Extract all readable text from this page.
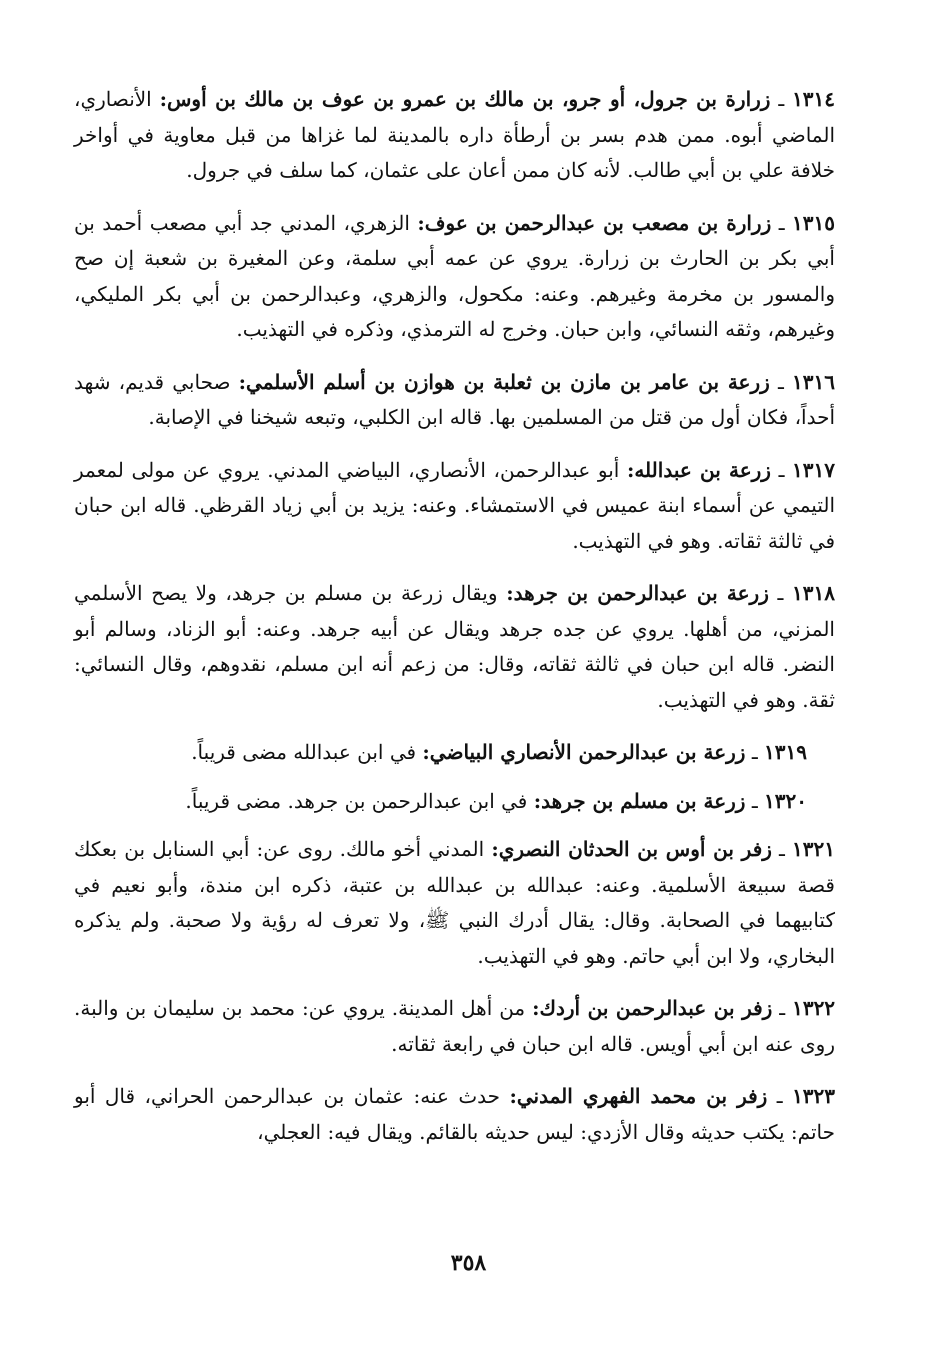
١٣١٤ ـ زرارة بن جرول، أو جرو، بن مالك بن عمرو بن عوف بن مالك بن أوس: الأنصاري، الماضي أبوه. ممن هدم بسر بن أرطأة داره بالمدينة لما غزاها من قبل معاوية في أواخر خلافة علي بن أبي طالب. لأنه كان ممن أعان على عثمان، كما سلف في جرول.

١٣١٥ ـ زرارة بن مصعب بن عبدالرحمن بن عوف: الزهري، المدني جد أبي مصعب أحمد بن أبي بكر بن الحارث بن زرارة. يروي عن عمه أبي سلمة، وعن المغيرة بن شعبة إن صح والمسور بن مخرمة وغيرهم. وعنه: مكحول، والزهري، وعبدالرحمن بن أبي بكر المليكي، وغيرهم، وثقه النسائي، وابن حبان. وخرج له الترمذي، وذكره في التهذيب.

١٣١٦ ـ زرعة بن عامر بن مازن بن ثعلبة بن هوازن بن أسلم الأسلمي: صحابي قديم، شهد أحداً، فكان أول من قتل من المسلمين بها. قاله ابن الكلبي، وتبعه شيخنا في الإصابة.

١٣١٧ ـ زرعة بن عبدالله: أبو عبدالرحمن، الأنصاري، البياضي المدني. يروي عن مولى لمعمر التيمي عن أسماء ابنة عميس في الاستمشاء. وعنه: يزيد بن أبي زياد القرظي. قاله ابن حبان في ثالثة ثقاته. وهو في التهذيب.

١٣١٨ ـ زرعة بن عبدالرحمن بن جرهد: ويقال زرعة بن مسلم بن جرهد، ولا يصح الأسلمي المزني، من أهلها. يروي عن جده جرهد ويقال عن أبيه جرهد. وعنه: أبو الزناد، وسالم أبو النضر. قاله ابن حبان في ثالثة ثقاته، وقال: من زعم أنه ابن مسلم، نقدوهم، وقال النسائي: ثقة. وهو في التهذيب.

١٣١٩ ـ زرعة بن عبدالرحمن الأنصاري البياضي: في ابن عبدالله مضى قريباً.

١٣٢٠ ـ زرعة بن مسلم بن جرهد: في ابن عبدالرحمن بن جرهد. مضى قريباً.

١٣٢١ ـ زفر بن أوس بن الحدثان النصري: المدني أخو مالك. روى عن: أبي السنابل بن بعكك قصة سبيعة الأسلمية. وعنه: عبدالله بن عبدالله بن عتبة، ذكره ابن مندة، وأبو نعيم في كتابيهما في الصحابة. وقال: يقال أدرك النبي ﷺ، ولا تعرف له رؤية ولا صحبة. ولم يذكره البخاري، ولا ابن أبي حاتم. وهو في التهذيب.

١٣٢٢ ـ زفر بن عبدالرحمن بن أردك: من أهل المدينة. يروي عن: محمد بن سليمان بن والبة. روى عنه ابن أبي أويس. قاله ابن حبان في رابعة ثقاته.

١٣٢٣ ـ زفر بن محمد الفهري المدني: حدث عنه: عثمان بن عبدالرحمن الحراني، قال أبو حاتم: يكتب حديثه وقال الأزدي: ليس حديثه بالقائم. ويقال فيه: العجلي،

٣٥٨
